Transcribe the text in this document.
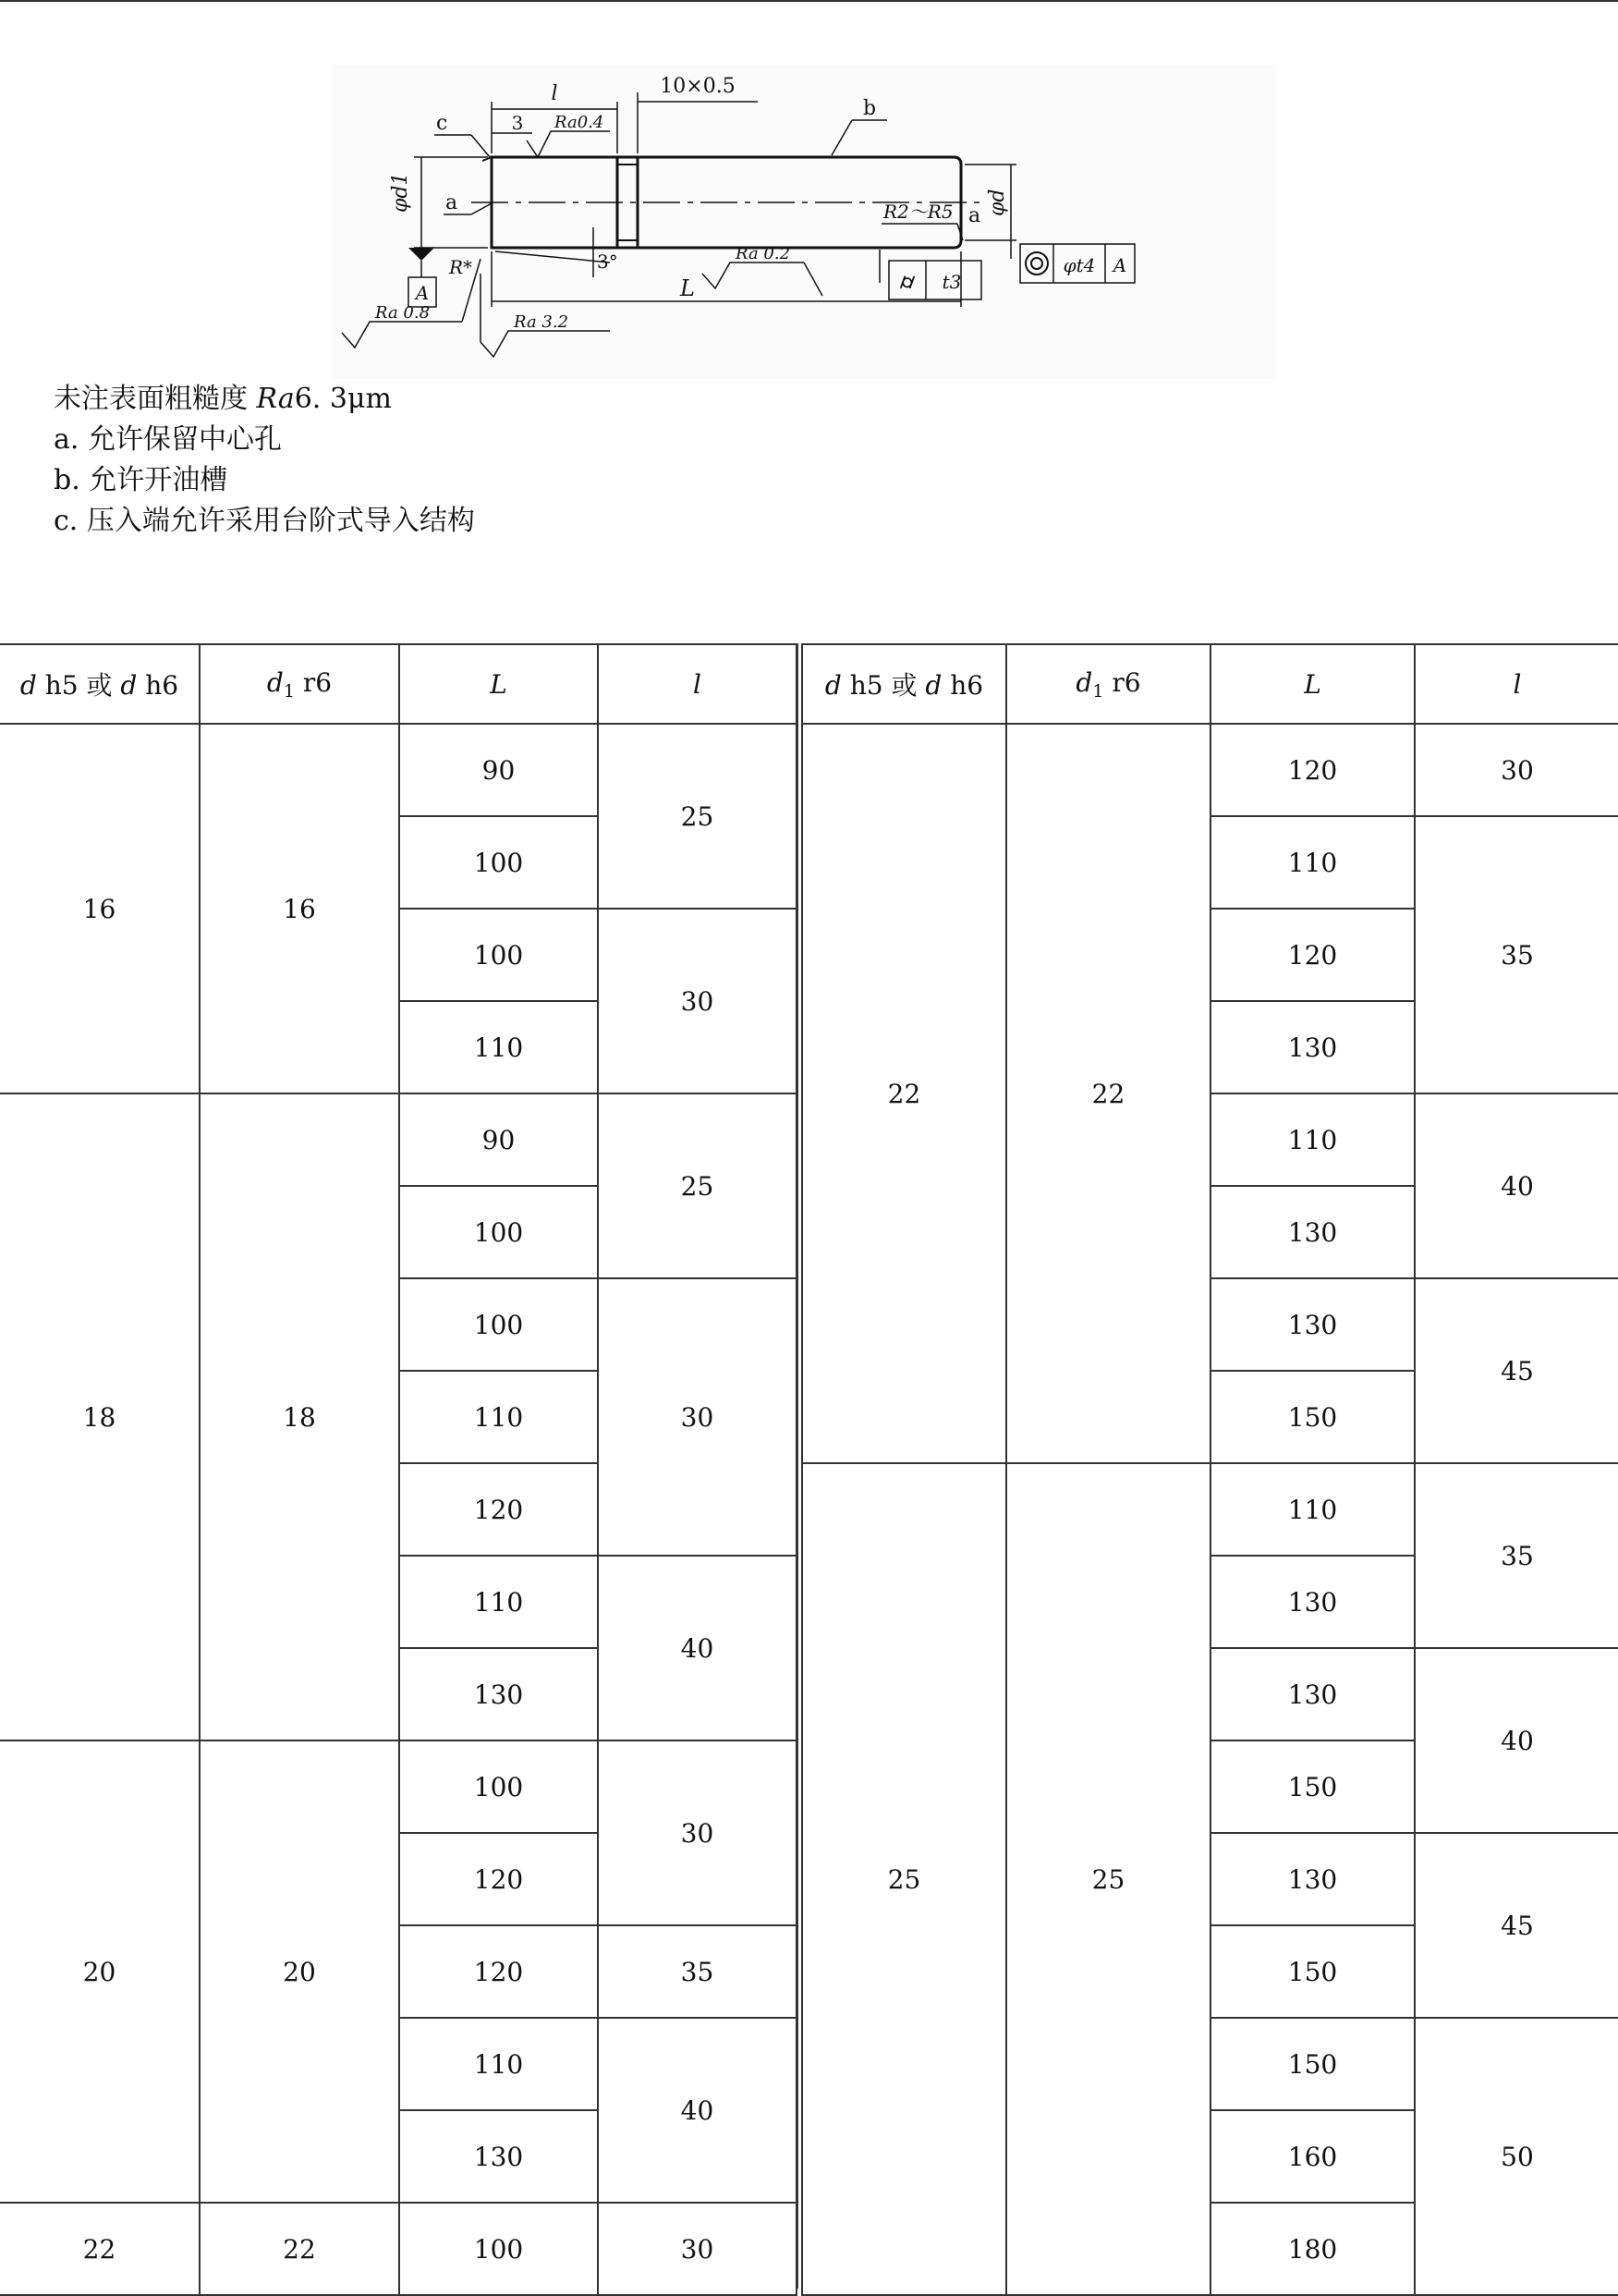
l
3 Ra0.4
10×0.5
b
c
φd1 a
A
R*
Ra 0.8
3°
Ra 3.2
L
Ra 0.2
⌭ t3
R2～R5 a φd
φt4 A
未注表面粗糙度 Ra6. 3μm
a. 允许保留中心孔
b. 允许开油槽
c. 压入端允许采用台阶式导入结构
d h5 或 d h6	$d_1$ r6	L	l
16	16	90	25
		100	
		100	30
		110	
18	18	90	25
		100	
		100	30
		110	
		120	
		110	40
		130	
20	20	100	30
		120	
		120	35
		110	40
		130	
22	22	100	30
d h5 或 d h6	$d_1$ r6	L	l
22	22	120	30
		110	35
		120	
		130	
		110	40
		130	
		130	45
		150	
25	25	110	35
		130	
		130	40
		150	
		130	45
		150	
		150	50
		160	
		180	
